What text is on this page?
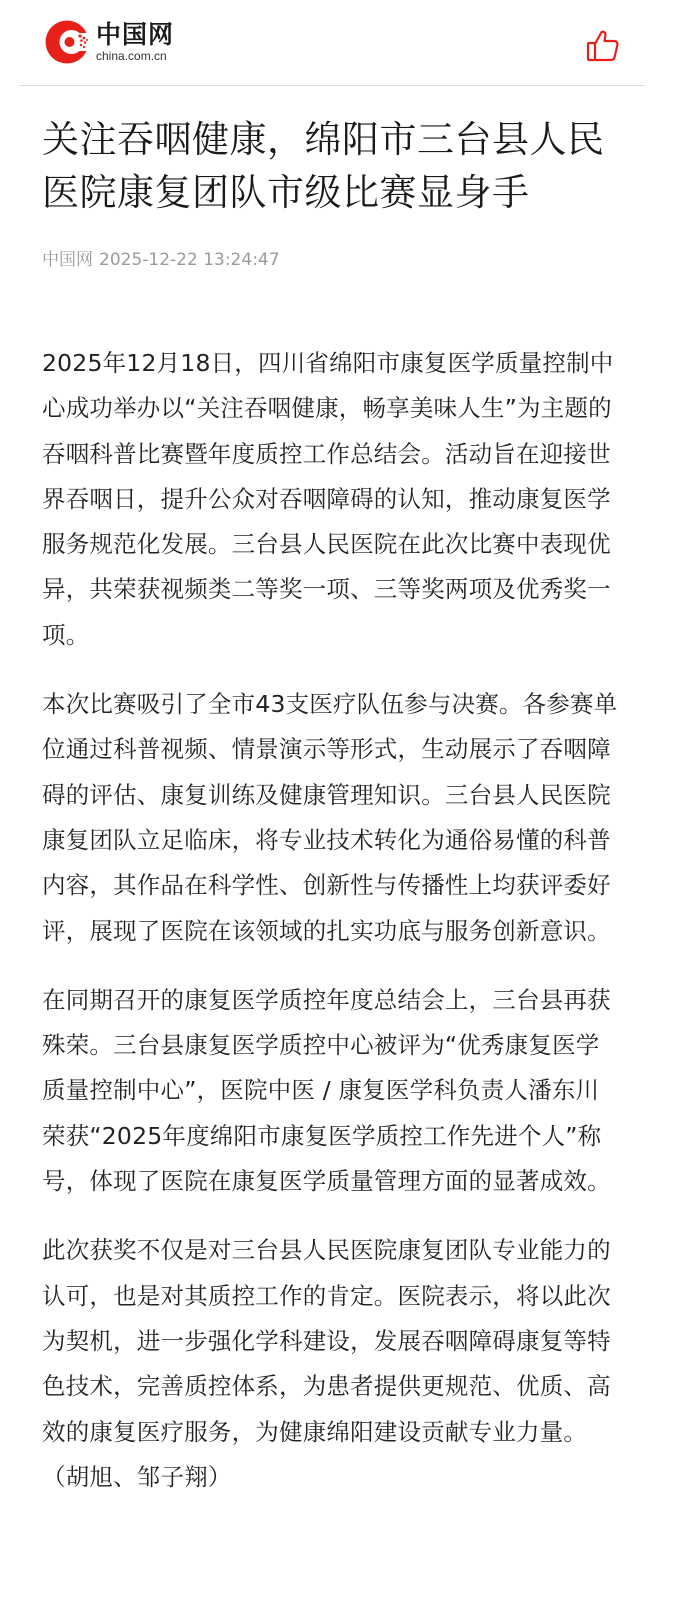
中国网
china.com.cn
关注吞咽健康，绵阳市三台县人民医院康复团队市级比赛显身手
中国网 2025-12-22 13:24:47

2025年12月18日，四川省绵阳市康复医学质量控制中心成功举办以“关注吞咽健康，畅享美味人生”为主题的吞咽科普比赛暨年度质控工作总结会。活动旨在迎接世界吞咽日，提升公众对吞咽障碍的认知，推动康复医学服务规范化发展。三台县人民医院在此次比赛中表现优异，共荣获视频类二等奖一项、三等奖两项及优秀奖一项。

本次比赛吸引了全市43支医疗队伍参与决赛。各参赛单位通过科普视频、情景演示等形式，生动展示了吞咽障碍的评估、康复训练及健康管理知识。三台县人民医院康复团队立足临床，将专业技术转化为通俗易懂的科普内容，其作品在科学性、创新性与传播性上均获评委好评，展现了医院在该领域的扎实功底与服务创新意识。

在同期召开的康复医学质控年度总结会上，三台县再获殊荣。三台县康复医学质控中心被评为“优秀康复医学质量控制中心”，医院中医 / 康复医学科负责人潘东川荣获“2025年度绵阳市康复医学质控工作先进个人”称号，体现了医院在康复医学质量管理方面的显著成效。

此次获奖不仅是对三台县人民医院康复团队专业能力的认可，也是对其质控工作的肯定。医院表示，将以此次为契机，进一步强化学科建设，发展吞咽障碍康复等特色技术，完善质控体系，为患者提供更规范、优质、高效的康复医疗服务，为健康绵阳建设贡献专业力量。（胡旭、邹子翔）
